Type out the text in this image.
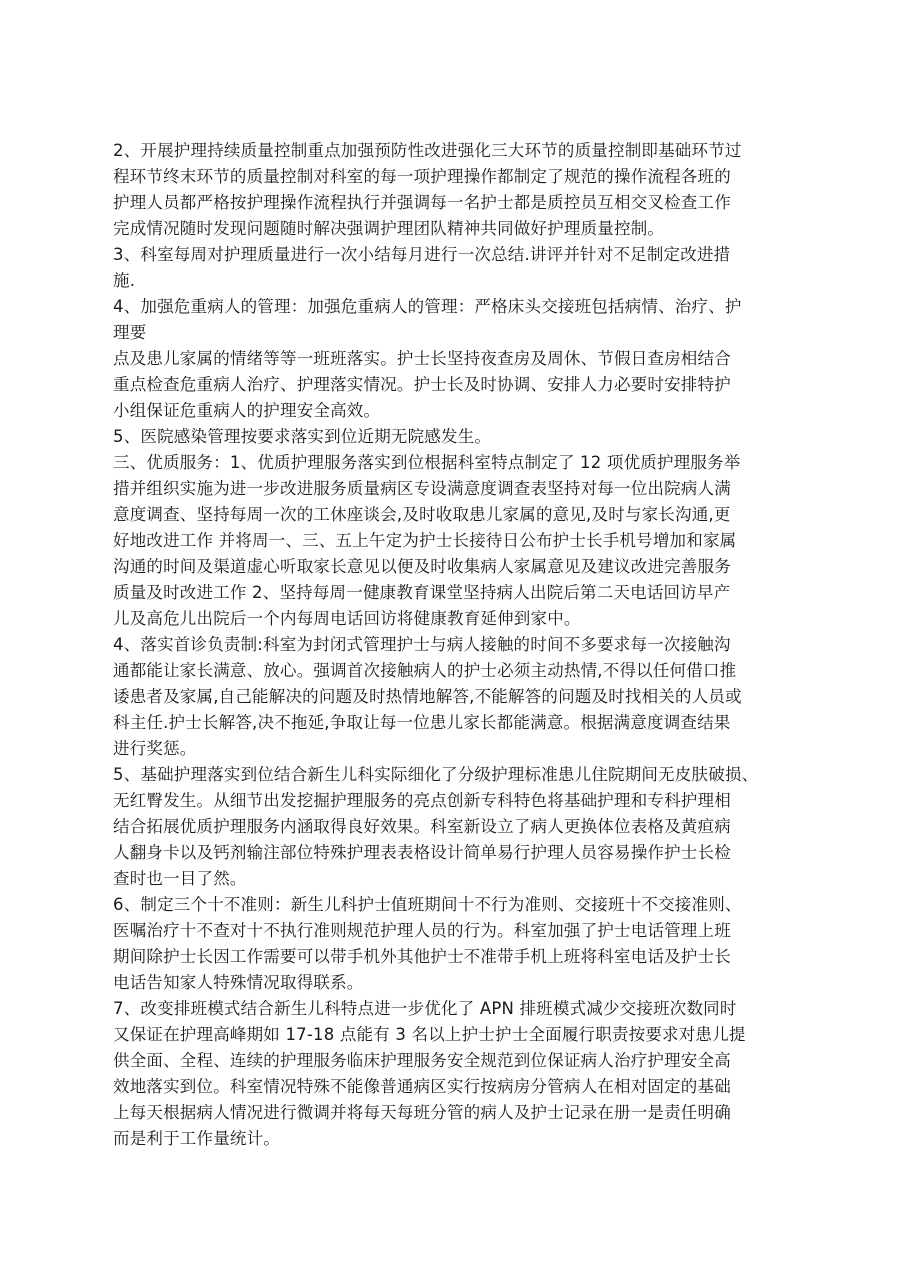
2、开展护理持续质量控制重点加强预防性改进强化三大环节的质量控制即基础环节过
程环节终末环节的质量控制对科室的每一项护理操作都制定了规范的操作流程各班的
护理人员都严格按护理操作流程执行并强调每一名护士都是质控员互相交叉检查工作
完成情况随时发现问题随时解决强调护理团队精神共同做好护理质量控制。
3、科室每周对护理质量进行一次小结每月进行一次总结.讲评并针对不足制定改进措
施.
4、加强危重病人的管理：加强危重病人的管理：严格床头交接班包括病情、治疗、护
理要
点及患儿家属的情绪等等一班班落实。护士长坚持夜查房及周休、节假日查房相结合
重点检查危重病人治疗、护理落实情况。护士长及时协调、安排人力必要时安排特护
小组保证危重病人的护理安全高效。
5、医院感染管理按要求落实到位近期无院感发生。
三、优质服务：1、优质护理服务落实到位根据科室特点制定了 12 项优质护理服务举
措并组织实施为进一步改进服务质量病区专设满意度调查表坚持对每一位出院病人满
意度调查、坚持每周一次的工休座谈会,及时收取患儿家属的意见,及时与家长沟通,更
好地改进工作 并将周一、三、五上午定为护士长接待日公布护士长手机号增加和家属
沟通的时间及渠道虚心听取家长意见以便及时收集病人家属意见及建议改进完善服务
质量及时改进工作 2、坚持每周一健康教育课堂坚持病人出院后第二天电话回访早产
儿及高危儿出院后一个内每周电话回访将健康教育延伸到家中。
4、落实首诊负责制:科室为封闭式管理护士与病人接触的时间不多要求每一次接触沟
通都能让家长满意、放心。强调首次接触病人的护士必须主动热情,不得以任何借口推
诿患者及家属,自己能解决的问题及时热情地解答,不能解答的问题及时找相关的人员或
科主任.护士长解答,决不拖延,争取让每一位患儿家长都能满意。根据满意度调查结果
进行奖惩。
5、基础护理落实到位结合新生儿科实际细化了分级护理标准患儿住院期间无皮肤破损、
无红臀发生。从细节出发挖掘护理服务的亮点创新专科特色将基础护理和专科护理相
结合拓展优质护理服务内涵取得良好效果。科室新设立了病人更换体位表格及黄疸病
人翻身卡以及钙剂输注部位特殊护理表表格设计简单易行护理人员容易操作护士长检
查时也一目了然。
6、制定三个十不准则：新生儿科护士值班期间十不行为准则、交接班十不交接准则、
医嘱治疗十不查对十不执行准则规范护理人员的行为。科室加强了护士电话管理上班
期间除护士长因工作需要可以带手机外其他护士不准带手机上班将科室电话及护士长
电话告知家人特殊情况取得联系。
7、改变排班模式结合新生儿科特点进一步优化了 APN 排班模式减少交接班次数同时
又保证在护理高峰期如 17-18 点能有 3 名以上护士护士全面履行职责按要求对患儿提
供全面、全程、连续的护理服务临床护理服务安全规范到位保证病人治疗护理安全高
效地落实到位。科室情况特殊不能像普通病区实行按病房分管病人在相对固定的基础
上每天根据病人情况进行微调并将每天每班分管的病人及护士记录在册一是责任明确
而是利于工作量统计。
